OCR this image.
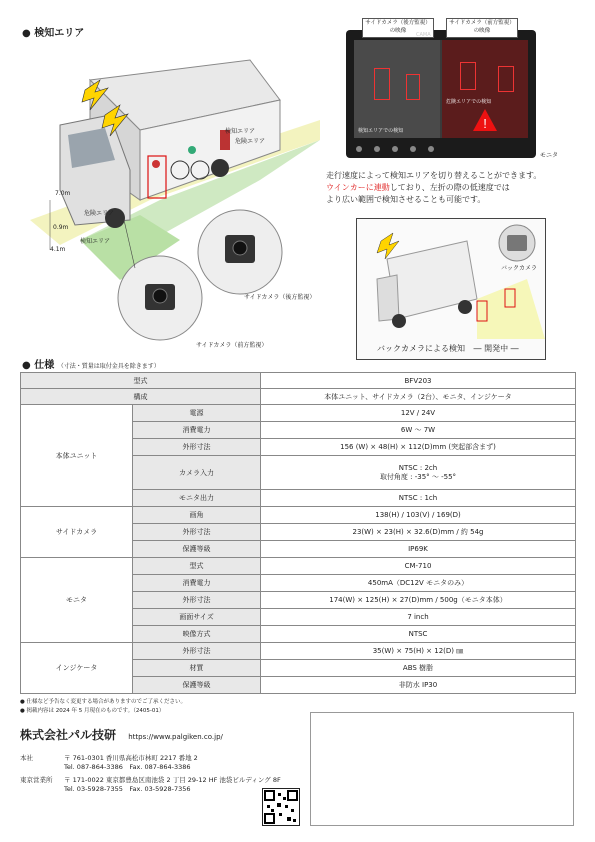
● 検知エリア
7.0m
0.9m
4.1m
検知エリア
危険エリア
危険エリア
検知エリア
サイドカメラ（後方監視）
サイドカメラ（前方監視）
サイドカメラ（後方監視）の映像
検知エリアでの検知
サイドカメラ（前方監視）の映像
危険エリアでの検知
!
CAMA
モニタ
走行速度によって検知エリアを切り替えることができます。
ウインカーに連動しており、左折の際の低速度では
より広い範囲で検知させることも可能です。
バックカメラ
バックカメラによる検知 ― 開発中 ―
● 仕様 （寸法・質量は取付金具を除きます）
型式		BFV203
構成		本体ユニット、サイドカメラ（2台）、モニタ、インジケータ
本体ユニット	電源	12V / 24V
	消費電力	6W ～ 7W
	外形寸法	156 (W) × 48(H) × 112(D)mm (突起部含まず)
	カメラ入力	NTSC : 2ch
取付角度 : -35° ～ -55°

	モニタ出力	NTSC : 1ch
サイドカメラ	画角	138(H) / 103(V) / 169(D)
	外形寸法	23(W) × 23(H) × 32.6(D)mm / 約 54g
	保護等級	IP69K
モニタ	型式	CM-710
	消費電力	450mA（DC12V モニタのみ）
	外形寸法	174(W) × 125(H) × 27(D)mm / 500g（モニタ本体）
	画面サイズ	7 inch
	映像方式	NTSC
インジケータ	外形寸法	35(W) × 75(H) × 12(D) ㎜
	材質	ABS 樹脂
	保護等級	非防水 IP30
● 仕様など予告なく変更する場合がありますのでご了承ください。
● 掲載内容は 2024 年 5 月現在のものです。（2405-01）
株式会社パル技研 https://www.palgiken.co.jp/
本社	〒 761-0301 香川県高松市林町 2217 番地 2
Tel. 087-864-3386　Fax. 087-864-3386
東京営業所	〒 171-0022 東京都豊島区南池袋 2 丁目 29-12 HF 池袋ビルディング 8F
Tel. 03-5928-7355　Fax. 03-5928-7356
